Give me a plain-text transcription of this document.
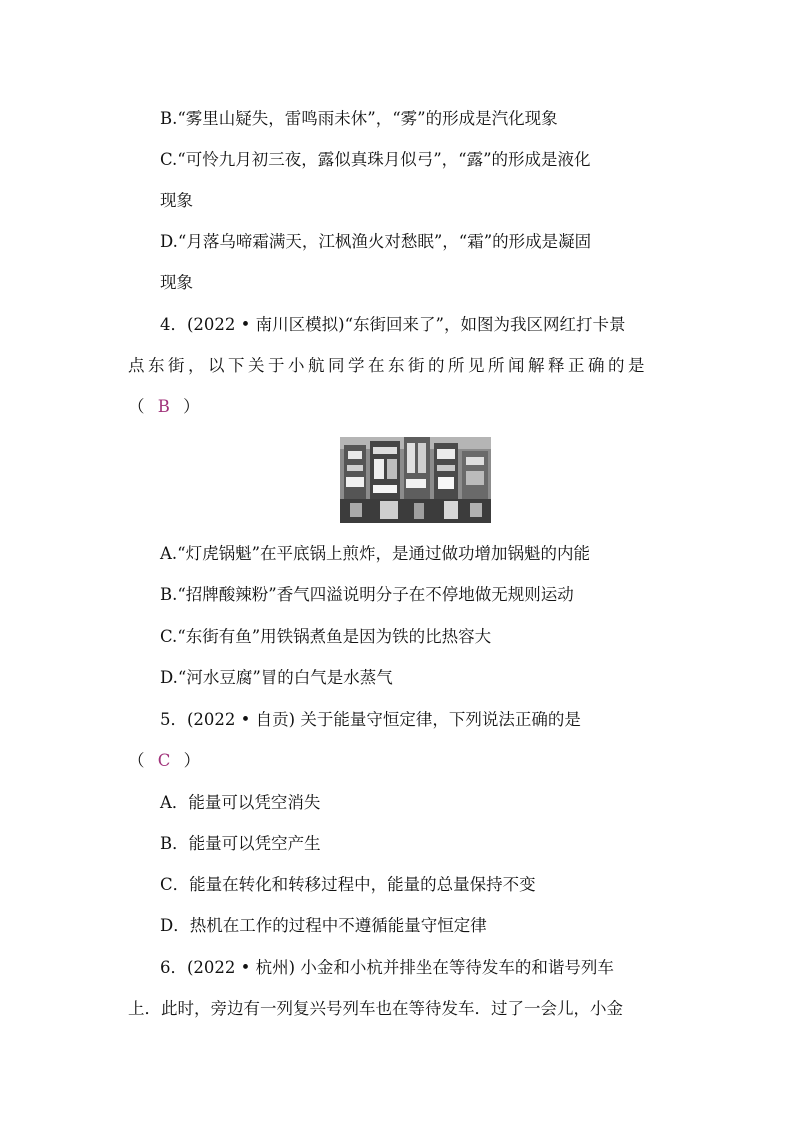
B.“雾里山疑失，雷鸣雨未休”，“雾”的形成是汽化现象
C.“可怜九月初三夜，露似真珠月似弓”，“露”的形成是液化
现象
D.“月落乌啼霜满天，江枫渔火对愁眠”，“霜”的形成是凝固
现象
4．(2022 • 南川区模拟)“东街回来了”，如图为我区网红打卡景
点东街，以下关于小航同学在东街的所见所闻解释正确的是
（ B ）
A.“灯虎锅魁”在平底锅上煎炸，是通过做功增加锅魁的内能
B.“招牌酸辣粉”香气四溢说明分子在不停地做无规则运动
C.“东街有鱼”用铁锅煮鱼是因为铁的比热容大
D.“河水豆腐”冒的白气是水蒸气
5．(2022 • 自贡) 关于能量守恒定律，下列说法正确的是
（ C ）
A．能量可以凭空消失
B．能量可以凭空产生
C．能量在转化和转移过程中，能量的总量保持不变
D．热机在工作的过程中不遵循能量守恒定律
6．(2022 • 杭州) 小金和小杭并排坐在等待发车的和谐号列车
上．此时，旁边有一列复兴号列车也在等待发车．过了一会儿，小金
